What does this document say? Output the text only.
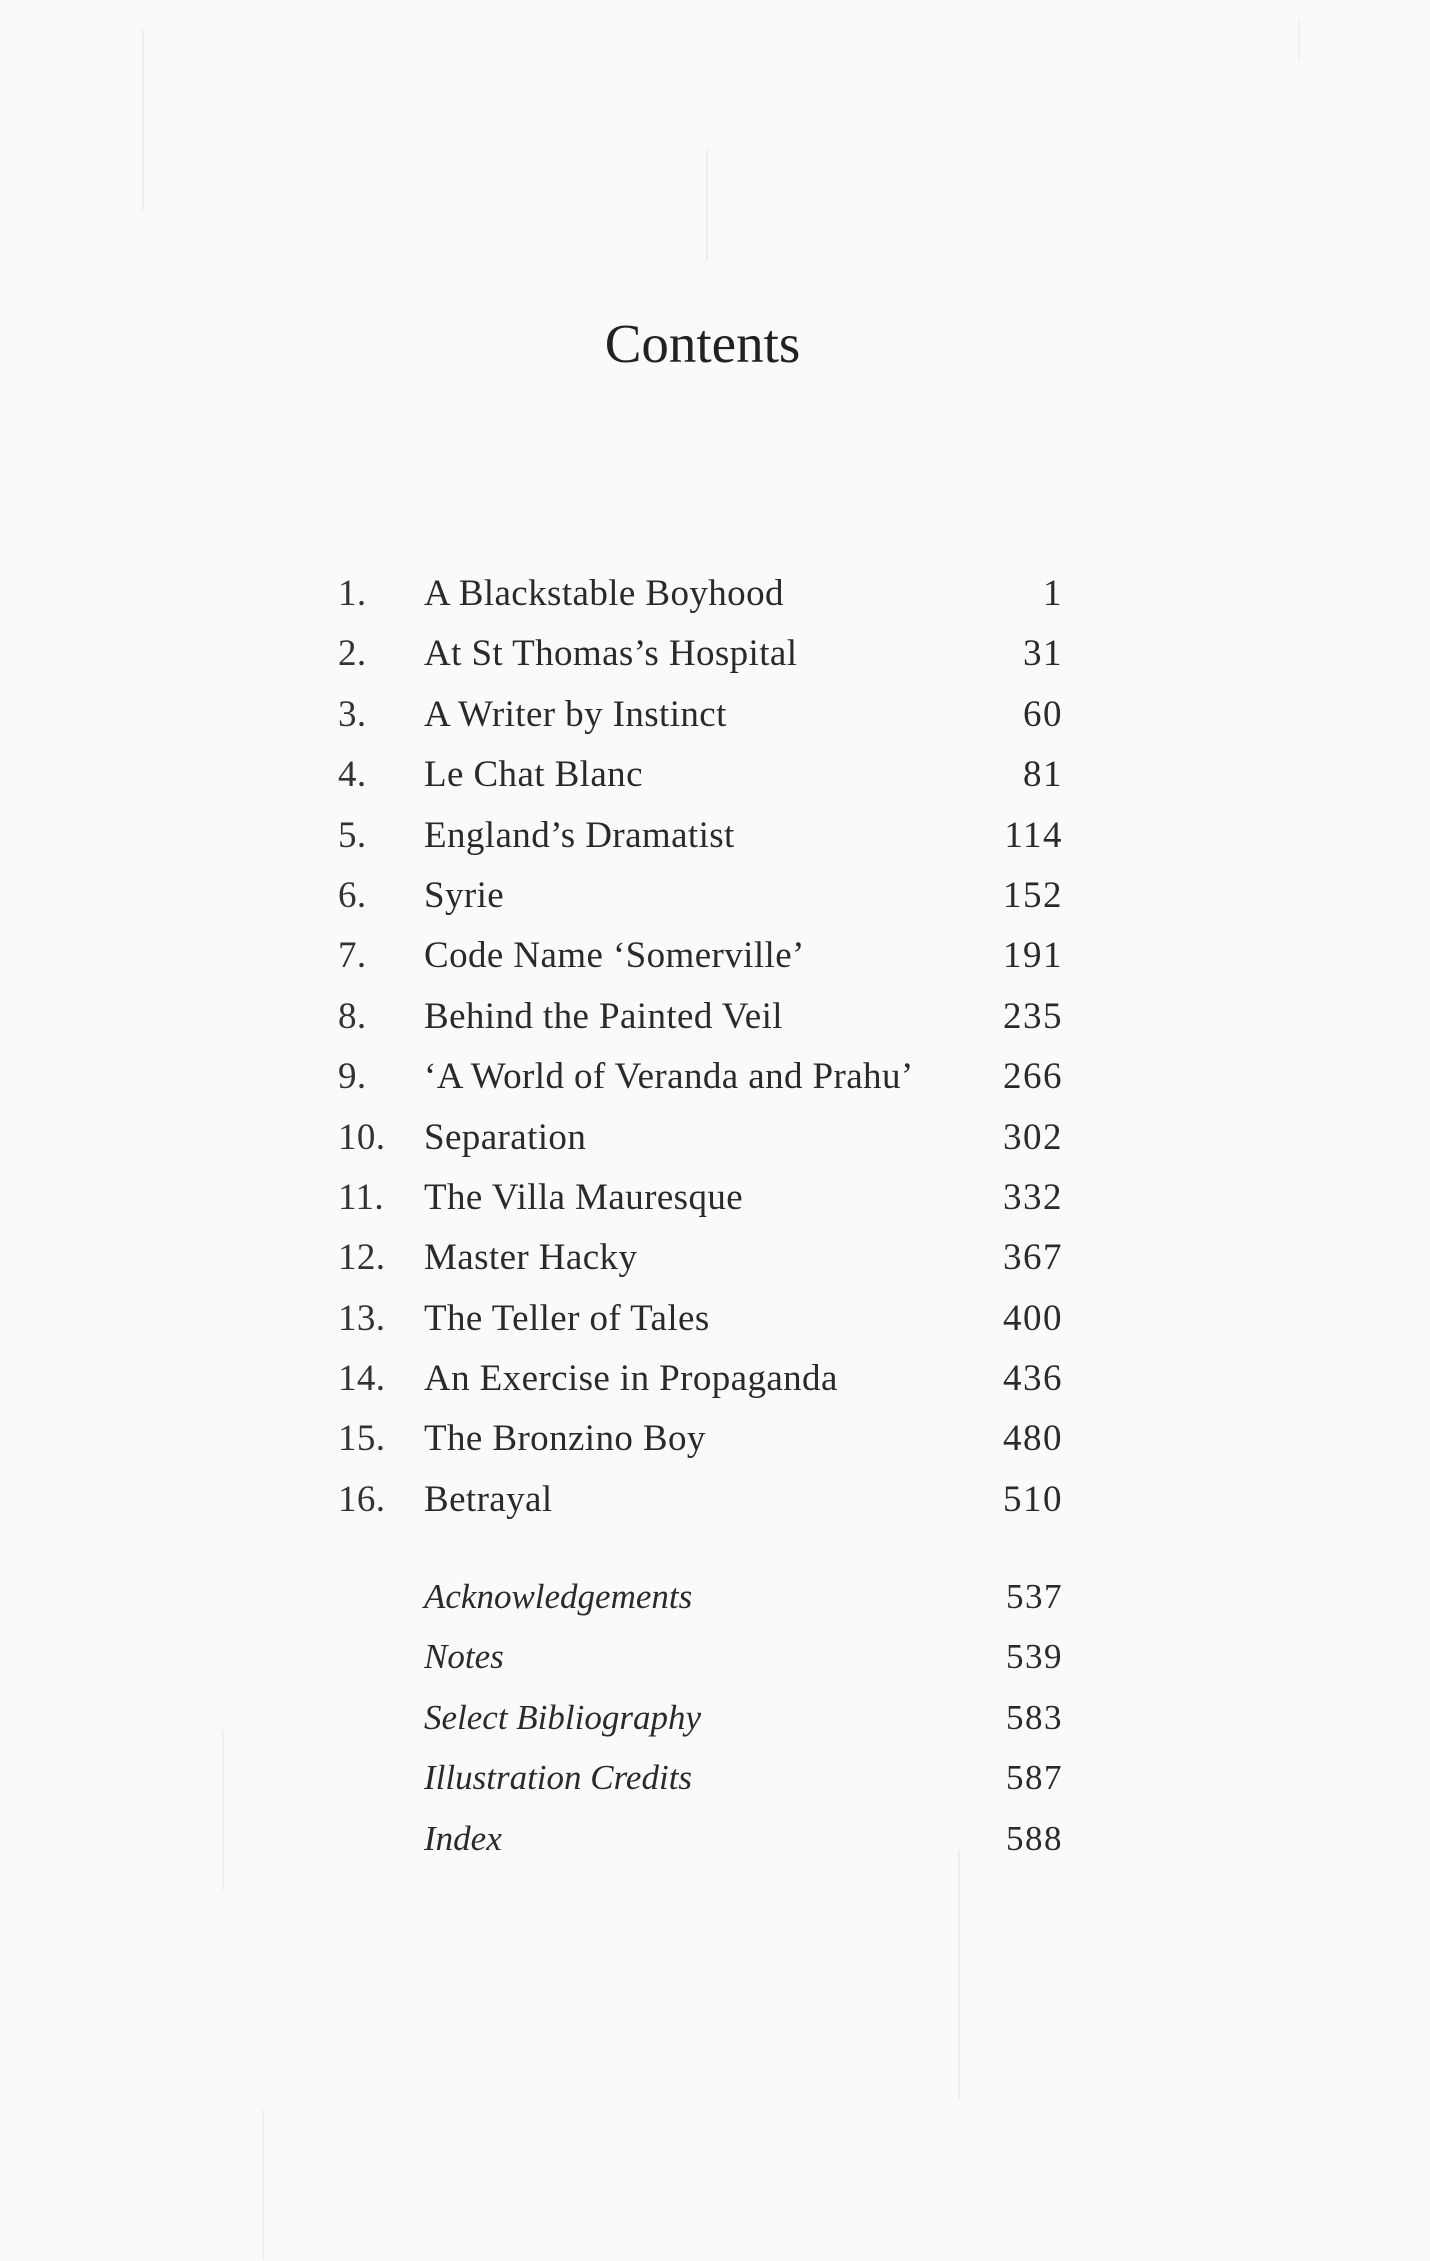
Contents
1.	A Blackstable Boyhood	1
2.	At St Thomas’s Hospital	31
3.	A Writer by Instinct	60
4.	Le Chat Blanc	81
5.	England’s Dramatist	114
6.	Syrie	152
7.	Code Name ‘Somerville’	191
8.	Behind the Painted Veil	235
9.	‘A World of Veranda and Prahu’ 266
10.	Separation	302
11.	The Villa Mauresque	332
12.	Master Hacky	367
13.	The Teller of Tales	400
14.	An Exercise in Propaganda	436
15.	The Bronzino Boy	480
16.	Betrayal	510
Acknowledgements	537
Notes	539
Select Bibliography	583
Illustration Credits	587
Index	588
